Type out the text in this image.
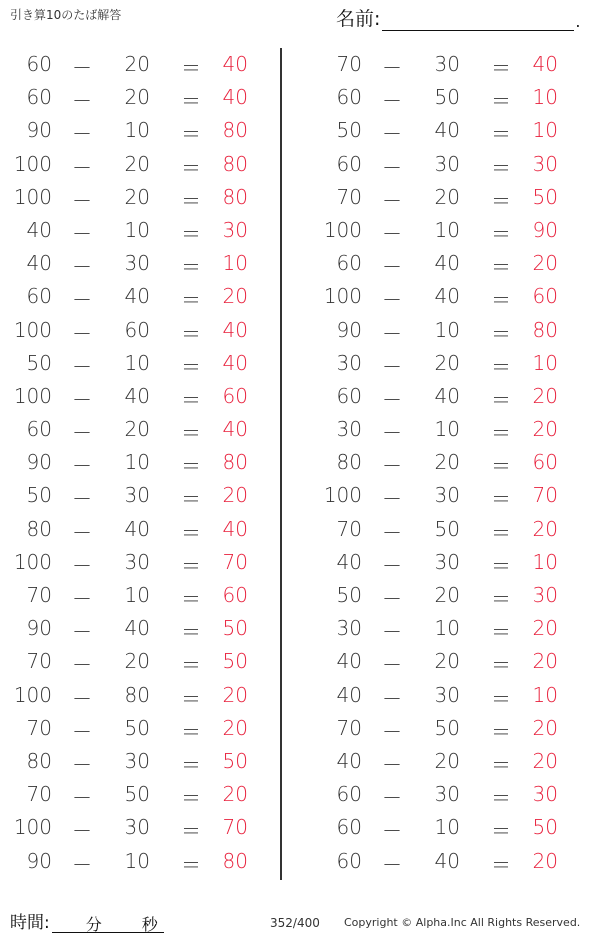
引き算10のたば解答	名前:	.
60 －	20 ＝ 40
60 －	20 ＝ 40
90 －	10 ＝ 80
100 －	20 ＝ 80
100 －	20 ＝ 80
40 －	10 ＝ 30
40 －	30 ＝ 10
60 －	40 ＝ 20
100 －	60 ＝ 40
50 －	10 ＝ 40
100 －	40 ＝ 60
60 －	20 ＝ 40
90 －	10 ＝ 80
50 －	30 ＝ 20
80 －	40 ＝ 40
100 －	30 ＝ 70
70 －	10 ＝ 60
90 －	40 ＝ 50
70 －	20 ＝ 50
100 －	80 ＝ 20
70 －	50 ＝ 20
80 －	30 ＝ 50
70 －	50 ＝ 20
100 －	30 ＝ 70
90 －	10 ＝ 80
70 －	30 ＝ 40
60 －	50 ＝ 10
50 －	40 ＝ 10
60 －	30 ＝ 30
70 －	20 ＝ 50
100 －	10 ＝ 90
60 －	40 ＝ 20
100 －	40 ＝ 60
90 －	10 ＝ 80
30 －	20 ＝ 10
60 －	40 ＝ 20
30 －	10 ＝ 20
80 －	20 ＝ 60
100 －	30 ＝ 70
70 －	50 ＝ 20
40 －	30 ＝ 10
50 －	20 ＝ 30
30 －	10 ＝ 20
40 －	20 ＝ 20
40 －	30 ＝ 10
70 －	50 ＝ 20
40 －	20 ＝ 20
60 －	30 ＝ 30
60 －	10 ＝ 50
60 －	40 ＝ 20
時間: 分 秒	352/400 Copyright © Alpha.Inc All Rights Reserved.
